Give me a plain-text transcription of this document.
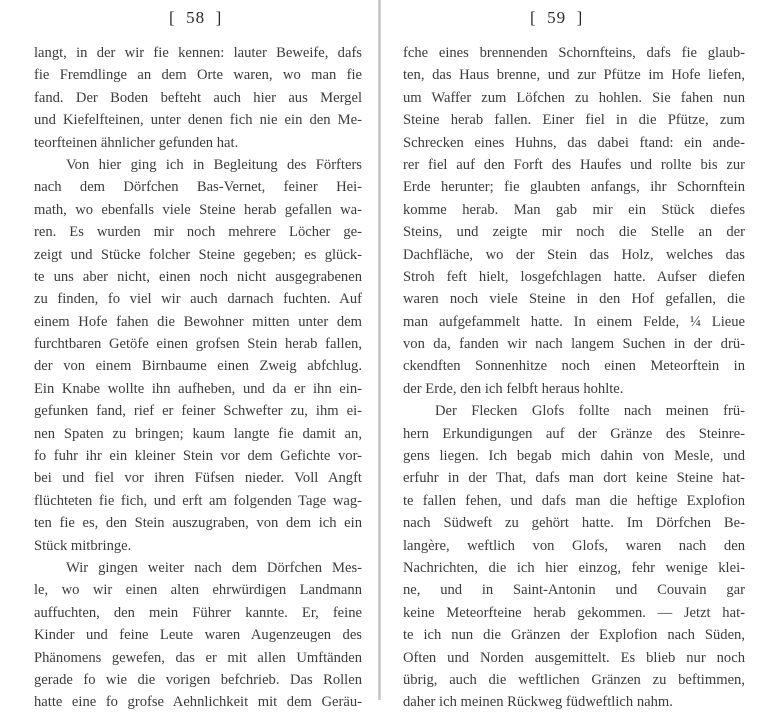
[  58  ]
langt, in der wir fie kennen: lauter Beweife, dafs
fie Fremdlinge an dem Orte waren, wo man fie
fand. Der Boden befteht auch hier aus Mergel
und Kiefelfteinen, unter denen fich nie ein den Me-
teorfteinen ähnlicher gefunden hat.
Von hier ging ich in Begleitung des Förfters
nach dem Dörfchen Bas-Vernet, feiner Hei-
math, wo ebenfalls viele Steine herab gefallen wa-
ren. Es wurden mir noch mehrere Löcher ge-
zeigt und Stücke folcher Steine gegeben; es glück-
te uns aber nicht, einen noch nicht ausgegrabenen
zu finden, fo viel wir auch darnach fuchten. Auf
einem Hofe fahen die Bewohner mitten unter dem
furchtbaren Getöfe einen grofsen Stein herab fallen,
der von einem Birnbaume einen Zweig abfchlug.
Ein Knabe wollte ihn aufheben, und da er ihn ein-
gefunken fand, rief er feiner Schwefter zu, ihm ei-
nen Spaten zu bringen; kaum langte fie damit an,
fo fuhr ihr ein kleiner Stein vor dem Gefichte vor-
bei und fiel vor ihren Füfsen nieder. Voll Angft
flüchteten fie fich, und erft am folgenden Tage wag-
ten fie es, den Stein auszugraben, von dem ich ein
Stück mitbringe.
Wir gingen weiter nach dem Dörfchen Mes-
le, wo wir einen alten ehrwürdigen Landmann
auffuchten, den mein Führer kannte. Er, feine
Kinder und feine Leute waren Augenzeugen des
Phänomens gewefen, das er mit allen Umftänden
gerade fo wie die vorigen befchrieb. Das Rollen
hatte eine fo grofse Aehnlichkeit mit dem Geräu-
[  59  ]
fche eines brennenden Schornfteins, dafs fie glaub-
ten, das Haus brenne, und zur Pfütze im Hofe liefen,
um Waffer zum Löfchen zu hohlen. Sie fahen nun
Steine herab fallen. Einer fiel in die Pfütze, zum
Schrecken eines Huhns, das dabei ftand: ein ande-
rer fiel auf den Forft des Haufes und rollte bis zur
Erde herunter; fie glaubten anfangs, ihr Schornftein
komme herab. Man gab mir ein Stück diefes
Steins, und zeigte mir noch die Stelle an der
Dachfläche, wo der Stein das Holz, welches das
Stroh feft hielt, losgefchlagen hatte. Aufser diefen
waren noch viele Steine in den Hof gefallen, die
man aufgefammelt hatte. In einem Felde, ¼ Lieue
von da, fanden wir nach langem Suchen in der drü-
ckendften Sonnenhitze noch einen Meteorftein in
der Erde, den ich felbft heraus hohlte.
Der Flecken Glofs follte nach meinen frü-
hern Erkundigungen auf der Gränze des Steinre-
gens liegen. Ich begab mich dahin von Mesle, und
erfuhr in der That, dafs man dort keine Steine hat-
te fallen fehen, und dafs man die heftige Explofion
nach Südweft zu gehört hatte. Im Dörfchen Be-
langère, weftlich von Glofs, waren nach den
Nachrichten, die ich hier einzog, fehr wenige klei-
ne, und in Saint-Antonin und Couvain gar
keine Meteorfteine herab gekommen. — Jetzt hat-
te ich nun die Gränzen der Explofion nach Süden,
Often und Norden ausgemittelt. Es blieb nur noch
übrig, auch die weftlichen Gränzen zu beftimmen,
daher ich meinen Rückweg füdweftlich nahm.
